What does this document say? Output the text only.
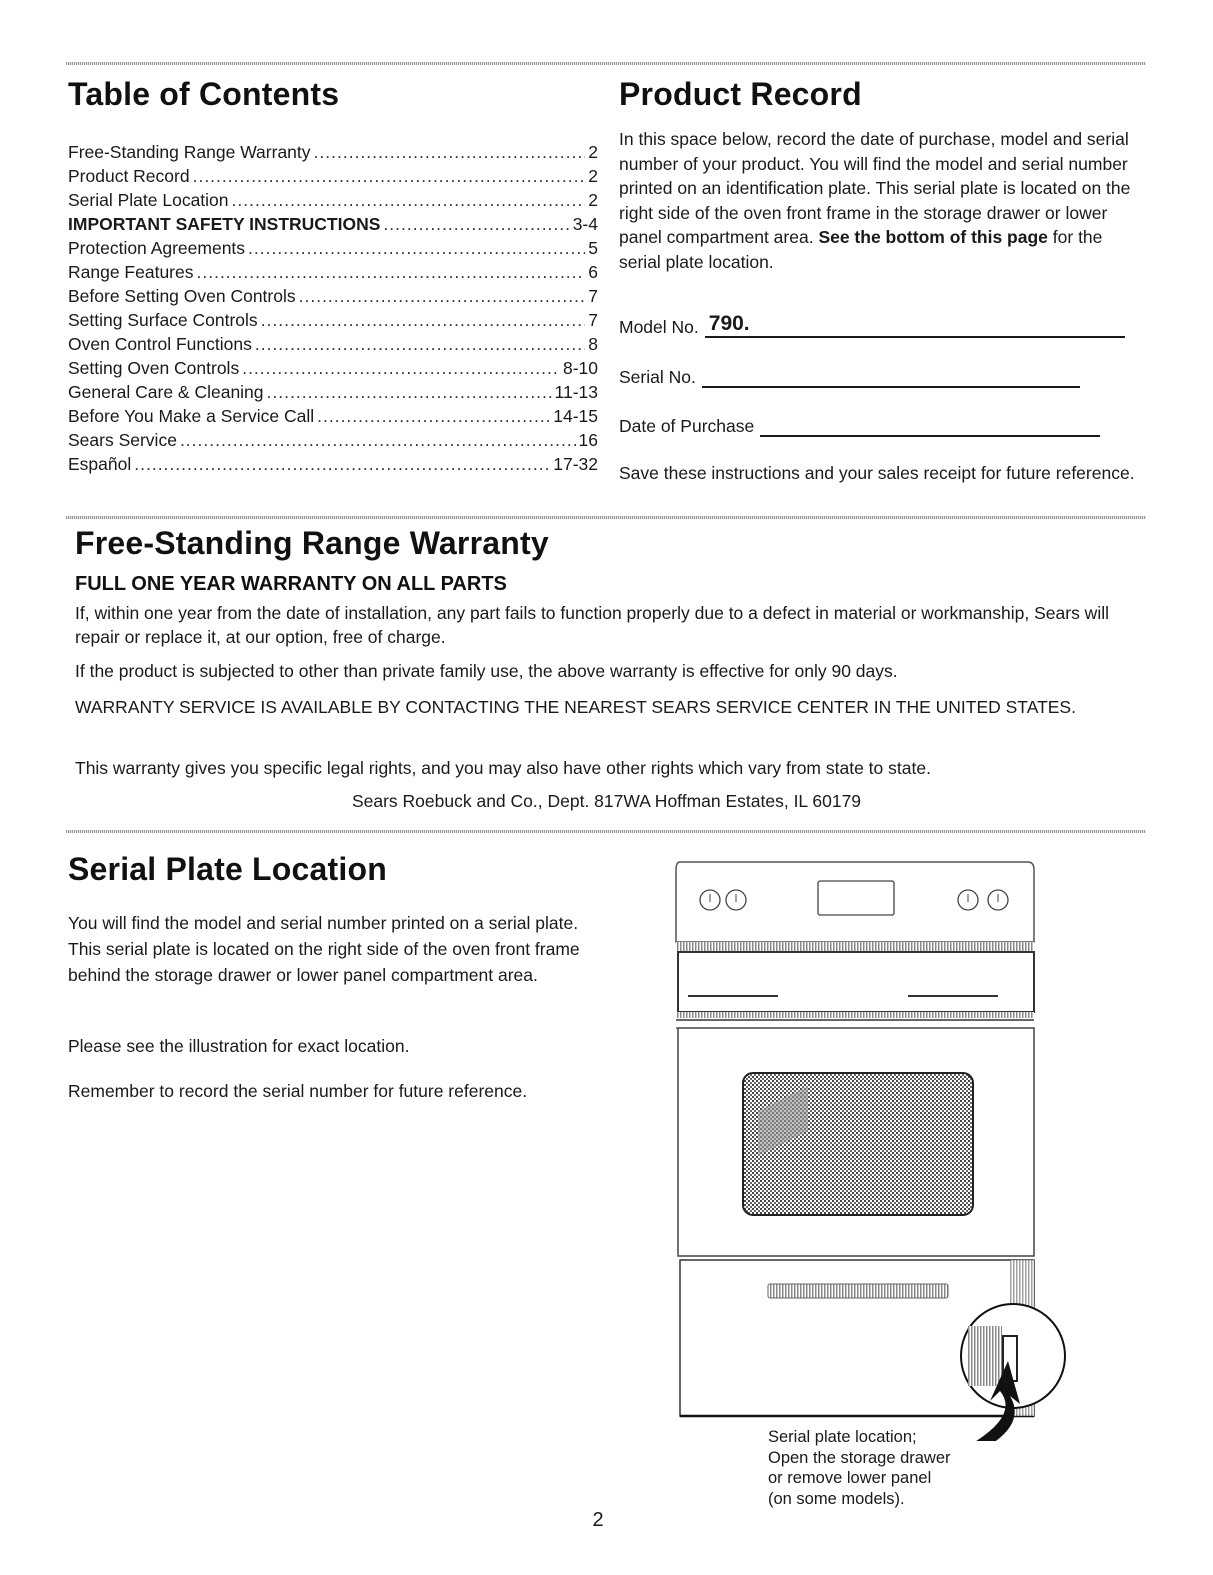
Table of Contents
Free-Standing Range Warranty .....	2
Product Record .....	2
Serial Plate Location .....	2
IMPORTANT SAFETY INSTRUCTIONS .....	3-4
Protection Agreements .....	5
Range Features .....	6
Before Setting Oven Controls .....	7
Setting Surface Controls .....	7
Oven Control Functions .....	8
Setting Oven Controls .....	8-10
General Care & Cleaning .....	11-13
Before You Make a Service Call .....	14-15
Sears Service .....	16
Español .....	17-32
Product Record

In this space below, record the date of purchase, model and serial number of your product. You will find the model and serial number printed on an identification plate. This serial plate is located on the right side of the oven front frame in the storage drawer or lower panel compartment area. See the bottom of this page for the serial plate location.

Model No. 790.
Serial No.
Date of Purchase

Save these instructions and your sales receipt for future reference.

Free-Standing Range Warranty
FULL ONE YEAR WARRANTY ON ALL PARTS

If, within one year from the date of installation, any part fails to function properly due to a defect in material or workmanship, Sears will repair or replace it, at our option, free of charge.

If the product is subjected to other than private family use, the above warranty is effective for only 90 days.

WARRANTY SERVICE IS AVAILABLE BY CONTACTING THE NEAREST SEARS SERVICE CENTER IN THE UNITED STATES.

This warranty gives you specific legal rights, and you may also have other rights which vary from state to state.

Sears Roebuck and Co., Dept. 817WA Hoffman Estates, IL 60179

Serial Plate Location

You will find the model and serial number printed on a serial plate. This serial plate is located on the right side of the oven front frame behind the storage drawer or lower panel compartment area.

Please see the illustration for exact location.

Remember to record the serial number for future reference.

Serial plate location;
Open the storage drawer
or remove lower panel
(on some models).
2
